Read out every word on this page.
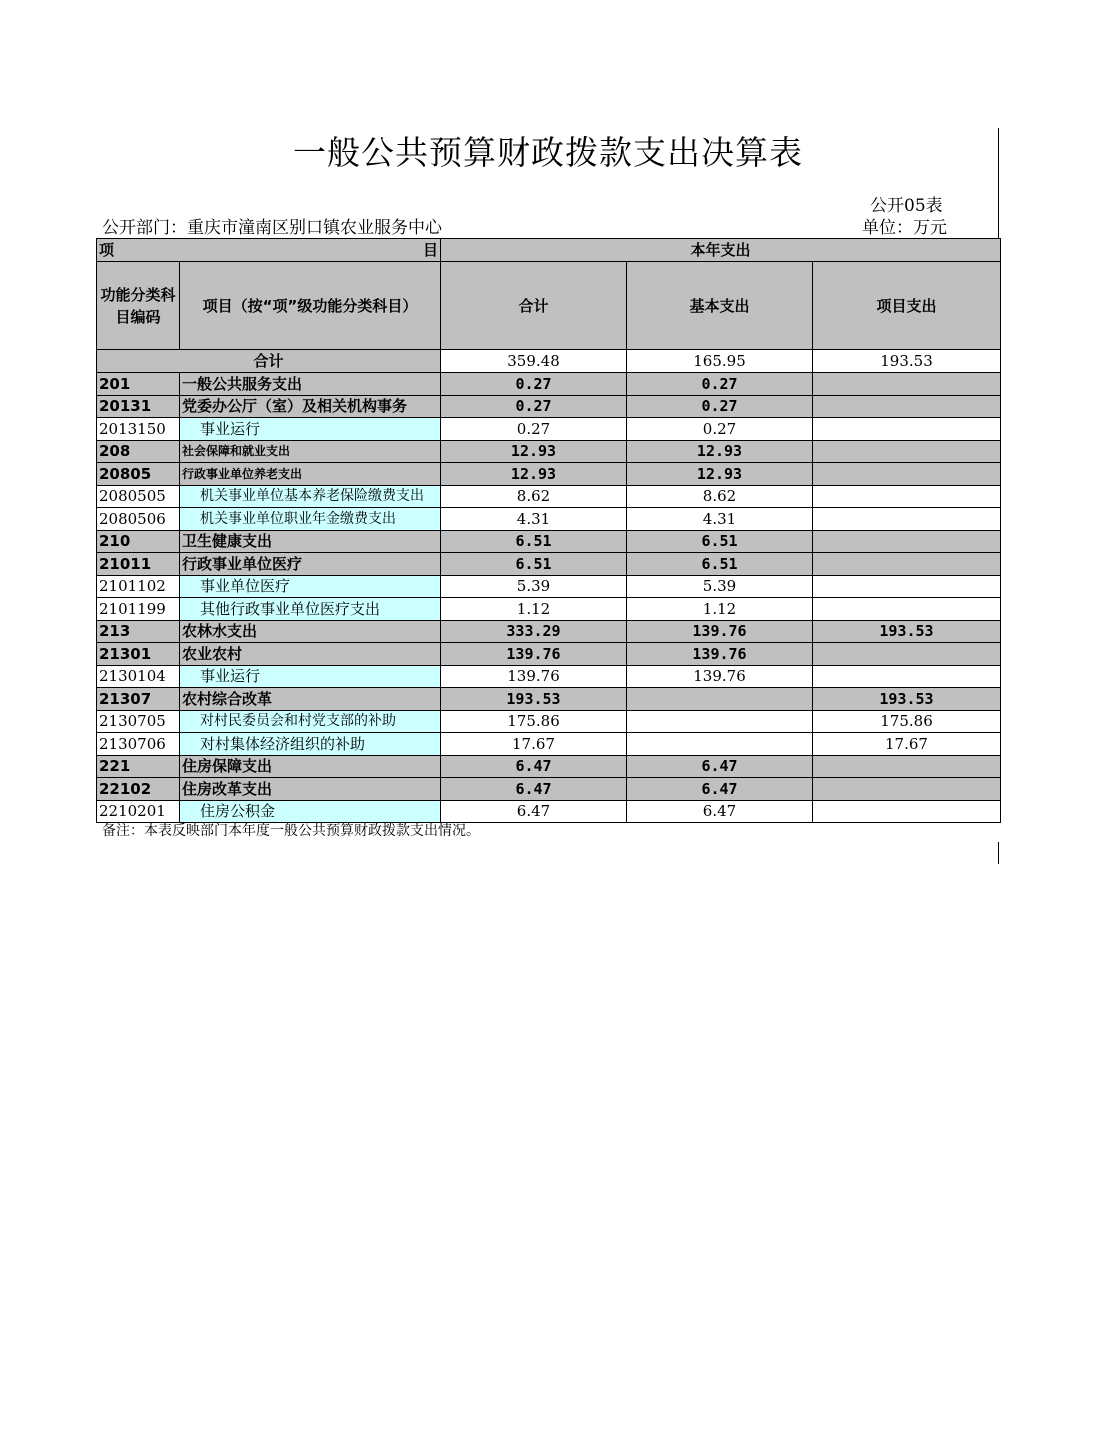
一般公共预算财政拨款支出决算表
公开05表
公开部门：重庆市潼南区别口镇农业服务中心	单位：万元
项 目		本年支出		
功能分类科目编码	项目（按“项”级功能分类科目）	合计	基本支出	项目支出
合计		359.48	165.95	193.53
201	一般公共服务支出	0.27	0.27	
20131	党委办公厅（室）及相关机构事务	0.27	0.27	
2013150	事业运行	0.27	0.27	
208	社会保障和就业支出	12.93	12.93	
20805	行政事业单位养老支出	12.93	12.93	
2080505	机关事业单位基本养老保险缴费支出	8.62	8.62	
2080506	机关事业单位职业年金缴费支出	4.31	4.31	
210	卫生健康支出	6.51	6.51	
21011	行政事业单位医疗	6.51	6.51	
2101102	事业单位医疗	5.39	5.39	
2101199	其他行政事业单位医疗支出	1.12	1.12	
213	农林水支出	333.29	139.76	193.53
21301	农业农村	139.76	139.76	
2130104	事业运行	139.76	139.76	
21307	农村综合改革	193.53		193.53
2130705	对村民委员会和村党支部的补助	175.86		175.86
2130706	对村集体经济组织的补助	17.67		17.67
221	住房保障支出	6.47	6.47	
22102	住房改革支出	6.47	6.47	
2210201	住房公积金	6.47	6.47	
备注：本表反映部门本年度一般公共预算财政拨款支出情况。
